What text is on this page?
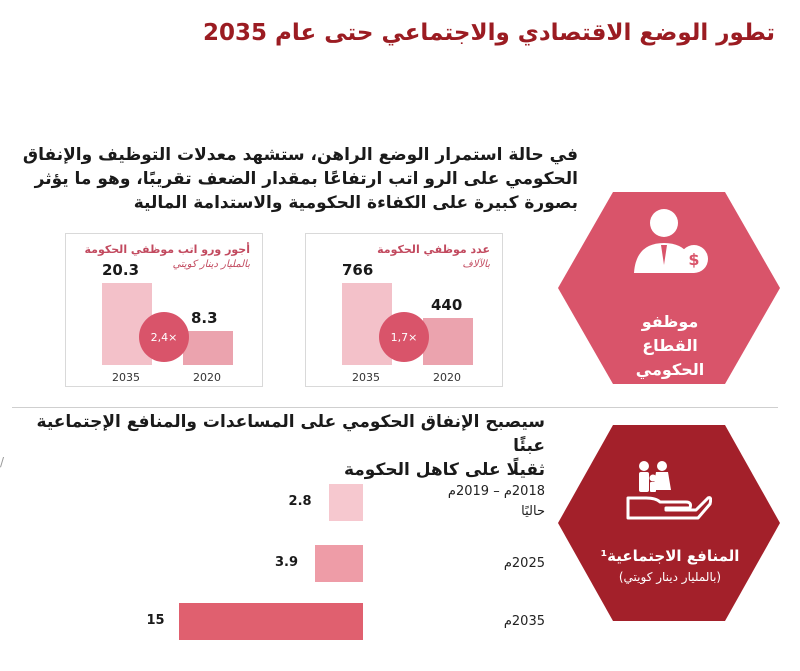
تطور الوضع الاقتصادي والاجتماعي حتى عام 2035
في حالة استمرار الوضع الراهن، ستشهد معدلات التوظيف والإنفاق الحكومي على الرو اتب ارتفاعًا بمقدار الضعف تقريبًا، وهو ما يؤثر بصورة كبيرة على الكفاءة الحكومية والاستدامة المالية
عدد موظفي الحكومة
بالآلاف
766
2035
440
2020
1,7×
أجور ورو اتب موظفي الحكومة
بالمليار دينار كويتي
20.3
2035
8.3
2020
2,4×
$
موظفو القطاع
الحكومي والعام
سيصبح الإنفاق الحكومي على المساعدات والمنافع الإجتماعية عبئًا
ثقيلًا على كاهل الحكومة
2.8
2018م – 2019م
حاليًا
3.9	2025م
15	2035م
المنافع الاجتماعية¹
(بالمليار دينار كويتي)
/
